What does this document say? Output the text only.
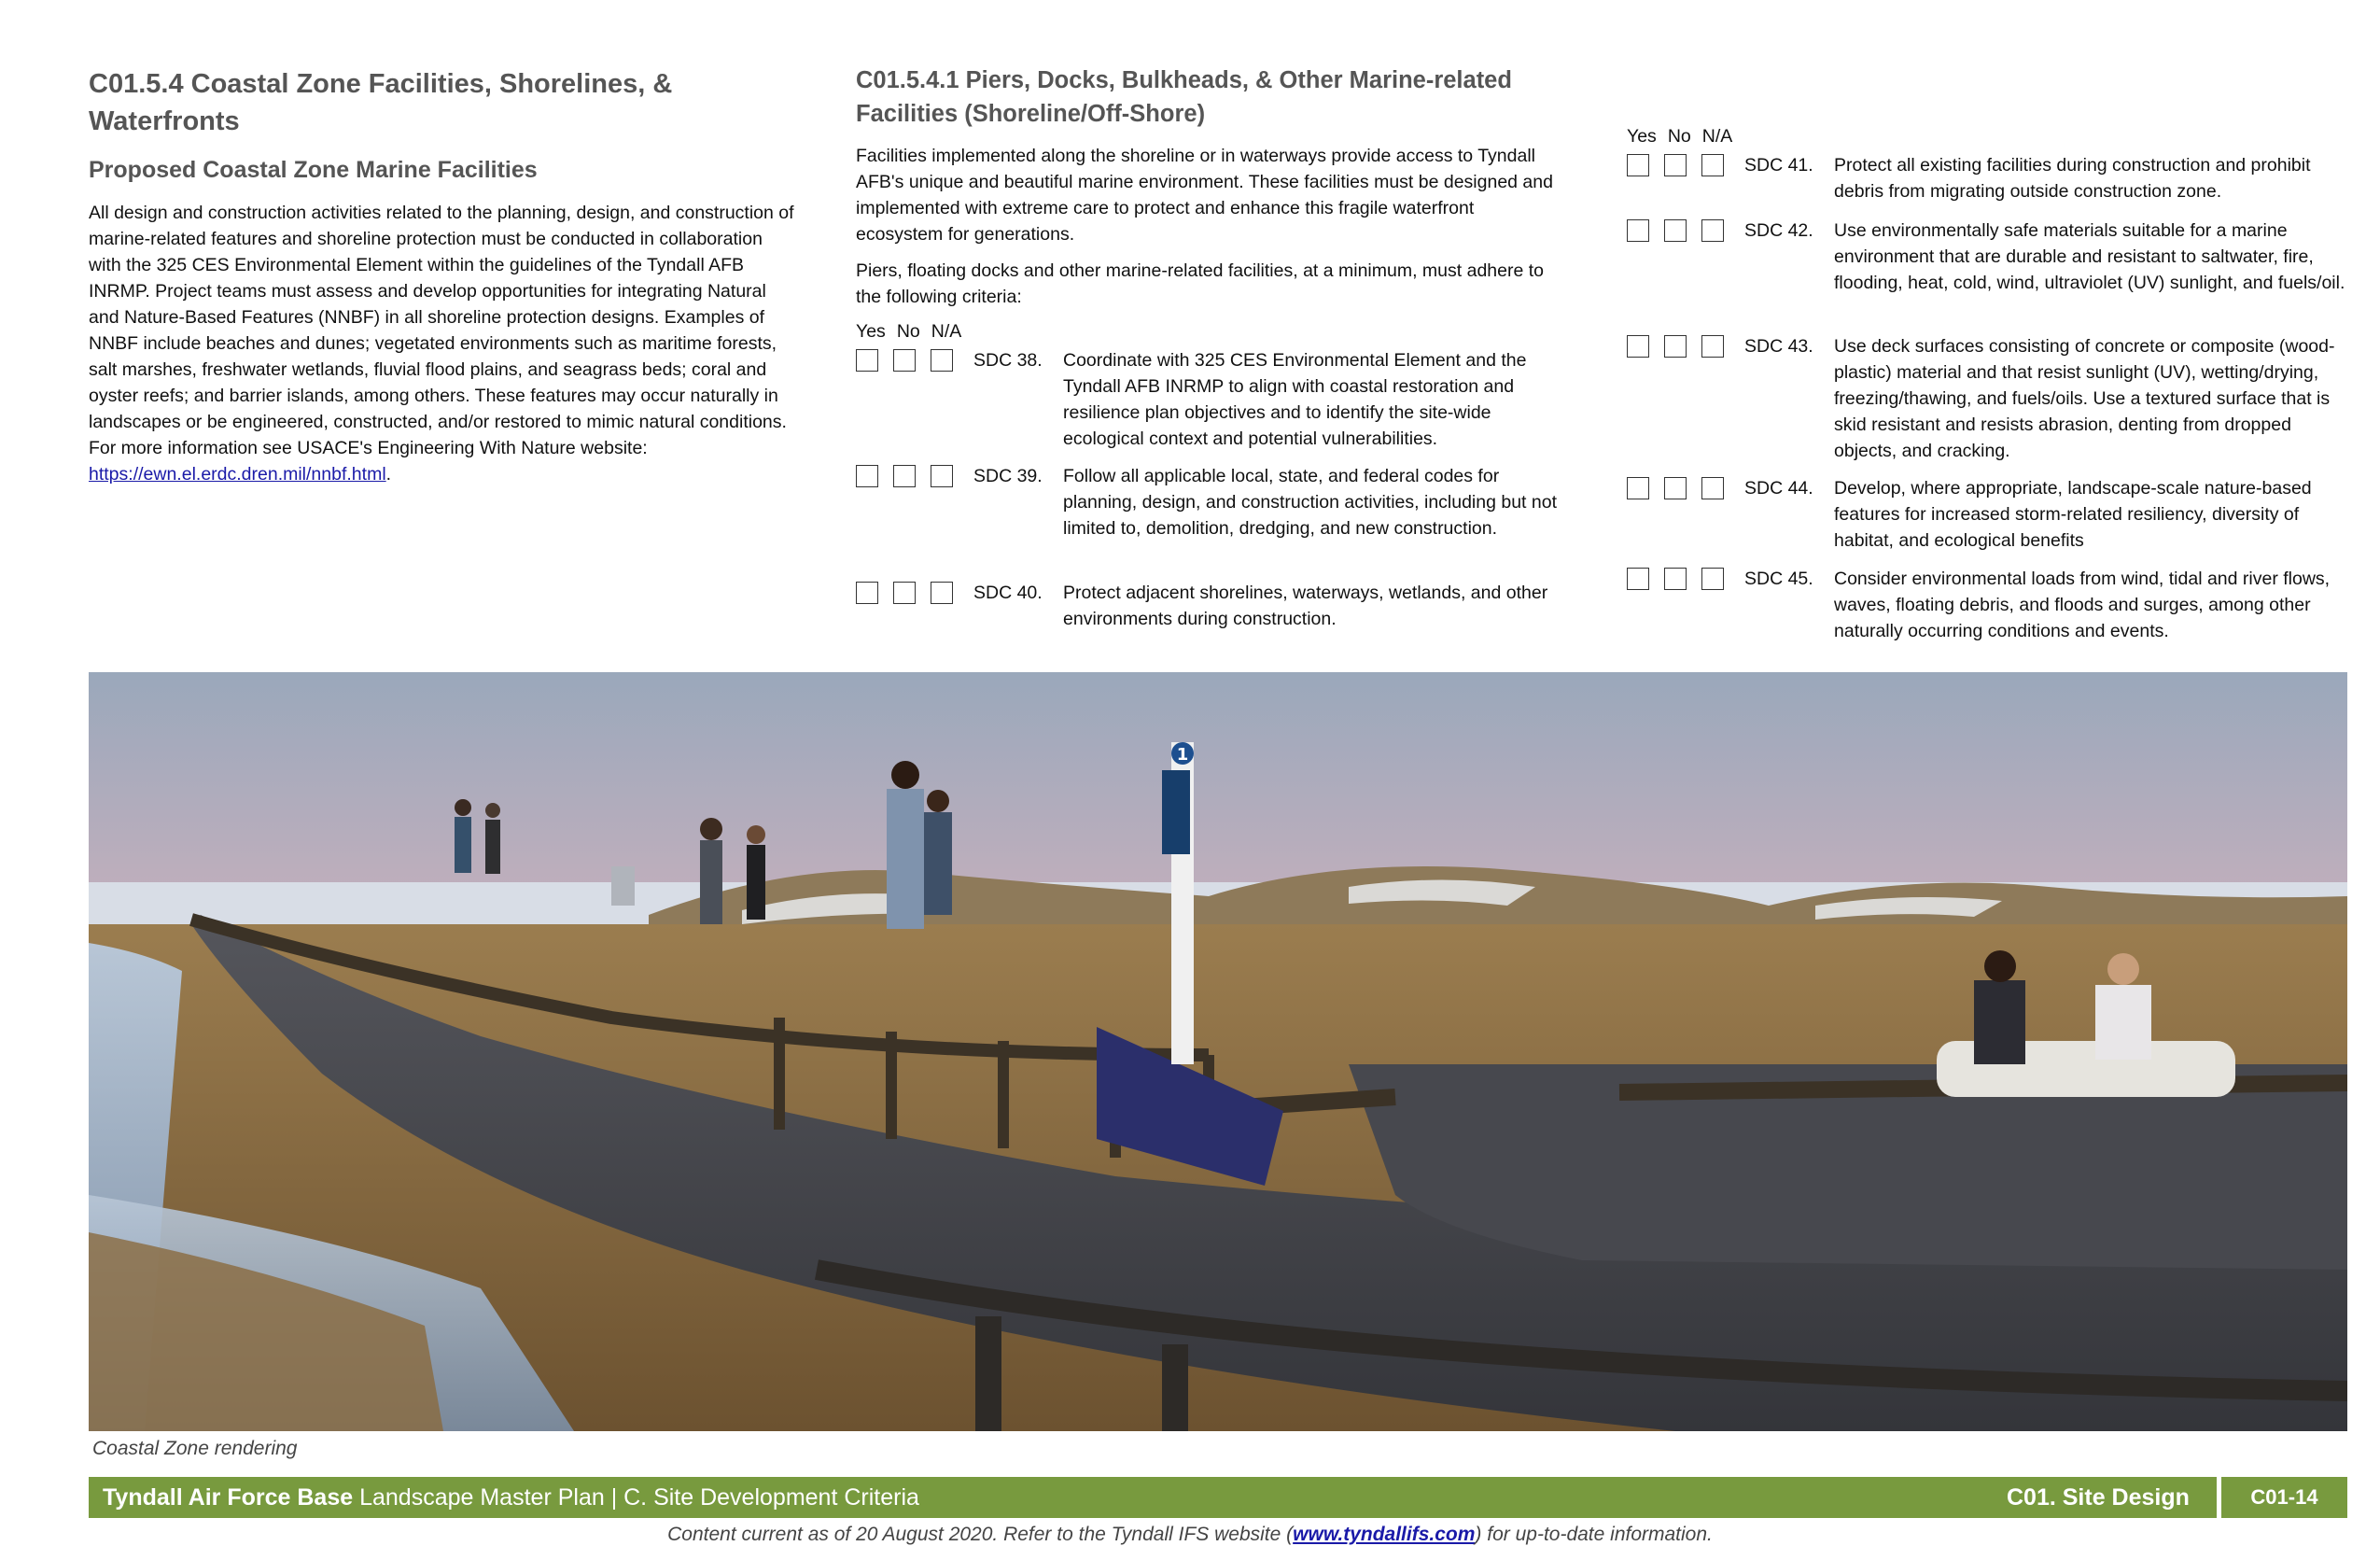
C01.5.4 Coastal Zone Facilities, Shorelines, & Waterfronts
Proposed Coastal Zone Marine Facilities
All design and construction activities related to the planning, design, and construction of marine-related features and shoreline protection must be conducted in collaboration with the 325 CES Environmental Element within the guidelines of the Tyndall AFB INRMP. Project teams must assess and develop opportunities for integrating Natural and Nature-Based Features (NNBF) in all shoreline protection designs. Examples of NNBF include beaches and dunes; vegetated environments such as maritime forests, salt marshes, freshwater wetlands, fluvial flood plains, and seagrass beds; coral and oyster reefs; and barrier islands, among others. These features may occur naturally in landscapes or be engineered, constructed, and/or restored to mimic natural conditions. For more information see USACE's Engineering With Nature website: https://ewn.el.erdc.dren.mil/nnbf.html.
C01.5.4.1 Piers, Docks, Bulkheads, & Other Marine-related Facilities (Shoreline/Off-Shore)

Facilities implemented along the shoreline or in waterways provide access to Tyndall AFB's unique and beautiful marine environment. These facilities must be designed and implemented with extreme care to protect and enhance this fragile waterfront ecosystem for generations.

Piers, floating docks and other marine-related facilities, at a minimum, must adhere to the following criteria:

Yes No N/A
SDC 38.	Coordinate with 325 CES Environmental Element and the Tyndall AFB INRMP to align with coastal restoration and resilience plan objectives and to identify the site-wide ecological context and potential vulnerabilities.
SDC 39.	Follow all applicable local, state, and federal codes for planning, design, and construction activities, including but not limited to, demolition, dredging, and new construction.
SDC 40.	Protect adjacent shorelines, waterways, wetlands, and other environments during construction.
Yes No N/A
SDC 41.	Protect all existing facilities during construction and prohibit debris from migrating outside construction zone.
SDC 42.	Use environmentally safe materials suitable for a marine environment that are durable and resistant to saltwater, fire, flooding, heat, cold, wind, ultraviolet (UV) sunlight, and fuels/oil.
SDC 43.	Use deck surfaces consisting of concrete or composite (wood-plastic) material and that resist sunlight (UV), wetting/drying, freezing/thawing, and fuels/oils. Use a textured surface that is skid resistant and resists abrasion, denting from dropped objects, and cracking.
SDC 44.	Develop, where appropriate, landscape-scale nature-based features for increased storm-related resiliency, diversity of habitat, and ecological benefits
SDC 45.	Consider environmental loads from wind, tidal and river flows, waves, floating debris, and floods and surges, among other naturally occurring conditions and events.
1
Coastal Zone rendering
Tyndall Air Force Base Landscape Master Plan | C. Site Development Criteria	C01. Site Design	C01-14
Content current as of 20 August 2020. Refer to the Tyndall IFS website (www.tyndallifs.com) for up-to-date information.
